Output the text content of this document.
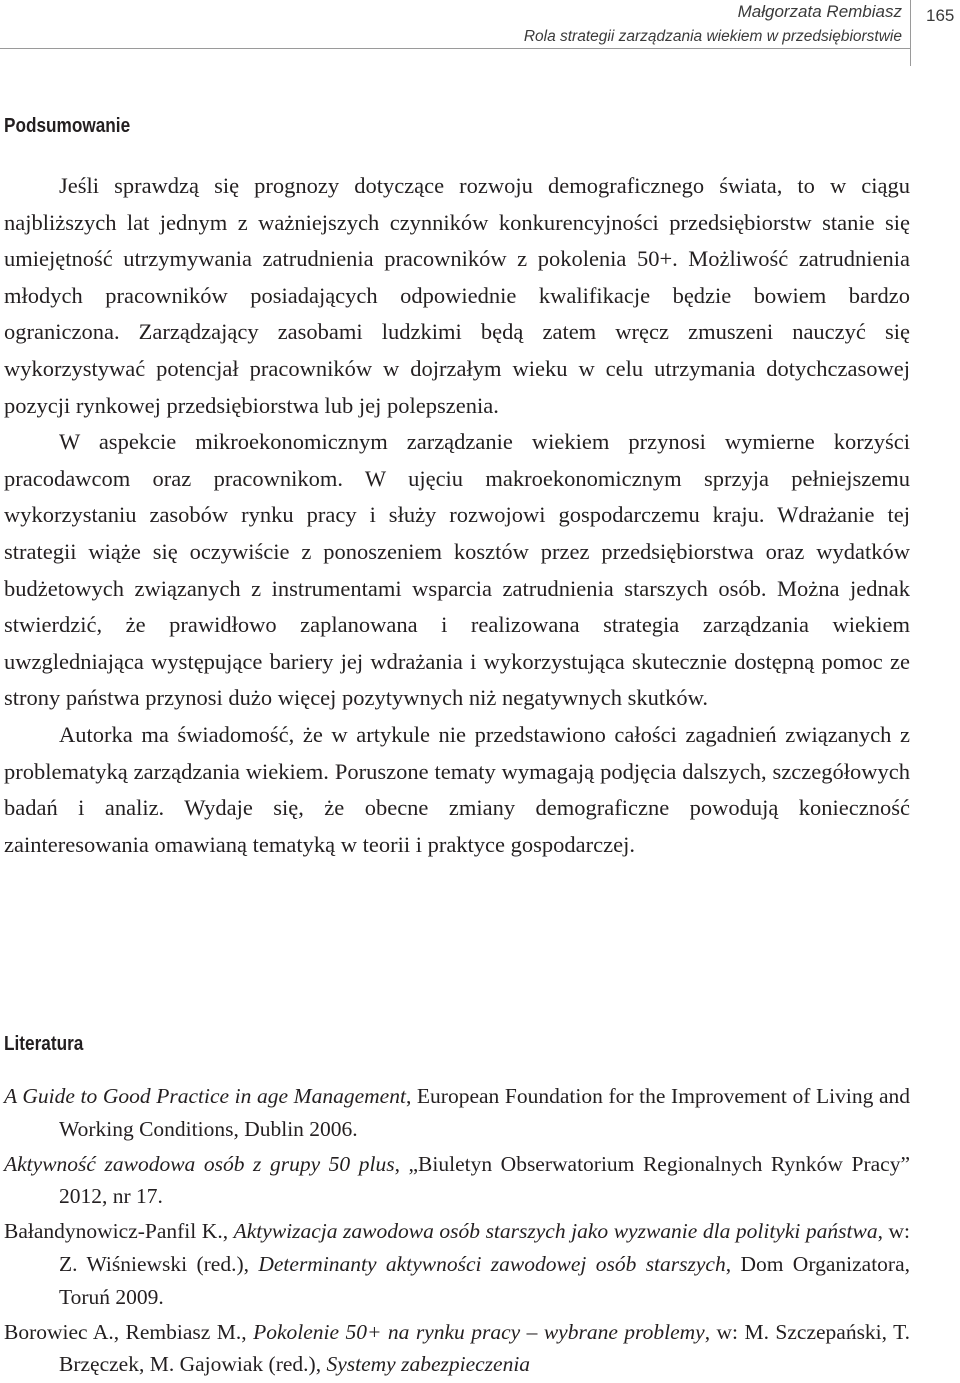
Małgorzata Rembiasz
Rola strategii zarządzania wiekiem w przedsiębiorstwie
165
Podsumowanie

Jeśli sprawdzą się prognozy dotyczące rozwoju demograficznego świata, to w ciągu najbliższych lat jednym z ważniejszych czynników konkurencyjności przedsiębiorstw stanie się umiejętność utrzymywania zatrudnienia pracowników z pokolenia 50+. Możliwość zatrudnienia młodych pracowników posiadających odpowiednie kwalifikacje będzie bowiem bardzo ograniczona. Zarządzający zasobami ludzkimi będą zatem wręcz zmuszeni nauczyć się wykorzystywać potencjał pracowników w dojrzałym wieku w celu utrzymania dotychczasowej pozycji rynkowej przedsiębiorstwa lub jej polepszenia.

W aspekcie mikroekonomicznym zarządzanie wiekiem przynosi wymierne korzyści pracodawcom oraz pracownikom. W ujęciu makroekonomicznym sprzyja pełniejszemu wykorzystaniu zasobów rynku pracy i służy rozwojowi gospodarczemu kraju. Wdrażanie tej strategii wiąże się oczywiście z ponoszeniem kosztów przez przedsiębiorstwa oraz wydatków budżetowych związanych z instrumentami wsparcia zatrudnienia starszych osób. Można jednak stwierdzić, że prawidłowo zaplanowana i realizowana strategia zarządzania wiekiem uwzgledniająca występujące bariery jej wdrażania i wykorzystująca skutecznie dostępną pomoc ze strony państwa przynosi dużo więcej pozytywnych niż negatywnych skutków.

Autorka ma świadomość, że w artykule nie przedstawiono całości zagadnień związanych z problematyką zarządzania wiekiem. Poruszone tematy wymagają podjęcia dalszych, szczegółowych badań i analiz. Wydaje się, że obecne zmiany demograficzne powodują konieczność zainteresowania omawianą tematyką w teorii i praktyce gospodarczej.

Literatura

A Guide to Good Practice in age Management, European Foundation for the Improvement of Living and Working Conditions, Dublin 2006.

Aktywność zawodowa osób z grupy 50 plus, „Biuletyn Obserwatorium Regionalnych Rynków Pracy” 2012, nr 17.

Bałandynowicz-Panfil K., Aktywizacja zawodowa osób starszych jako wyzwanie dla polityki państwa, w: Z. Wiśniewski (red.), Determinanty aktywności zawodowej osób starszych, Dom Organizatora, Toruń 2009.

Borowiec A., Rembiasz M., Pokolenie 50+ na rynku pracy – wybrane problemy, w: M. Szczepański, T. Brzęczek, M. Gajowiak (red.), Systemy zabezpieczenia
